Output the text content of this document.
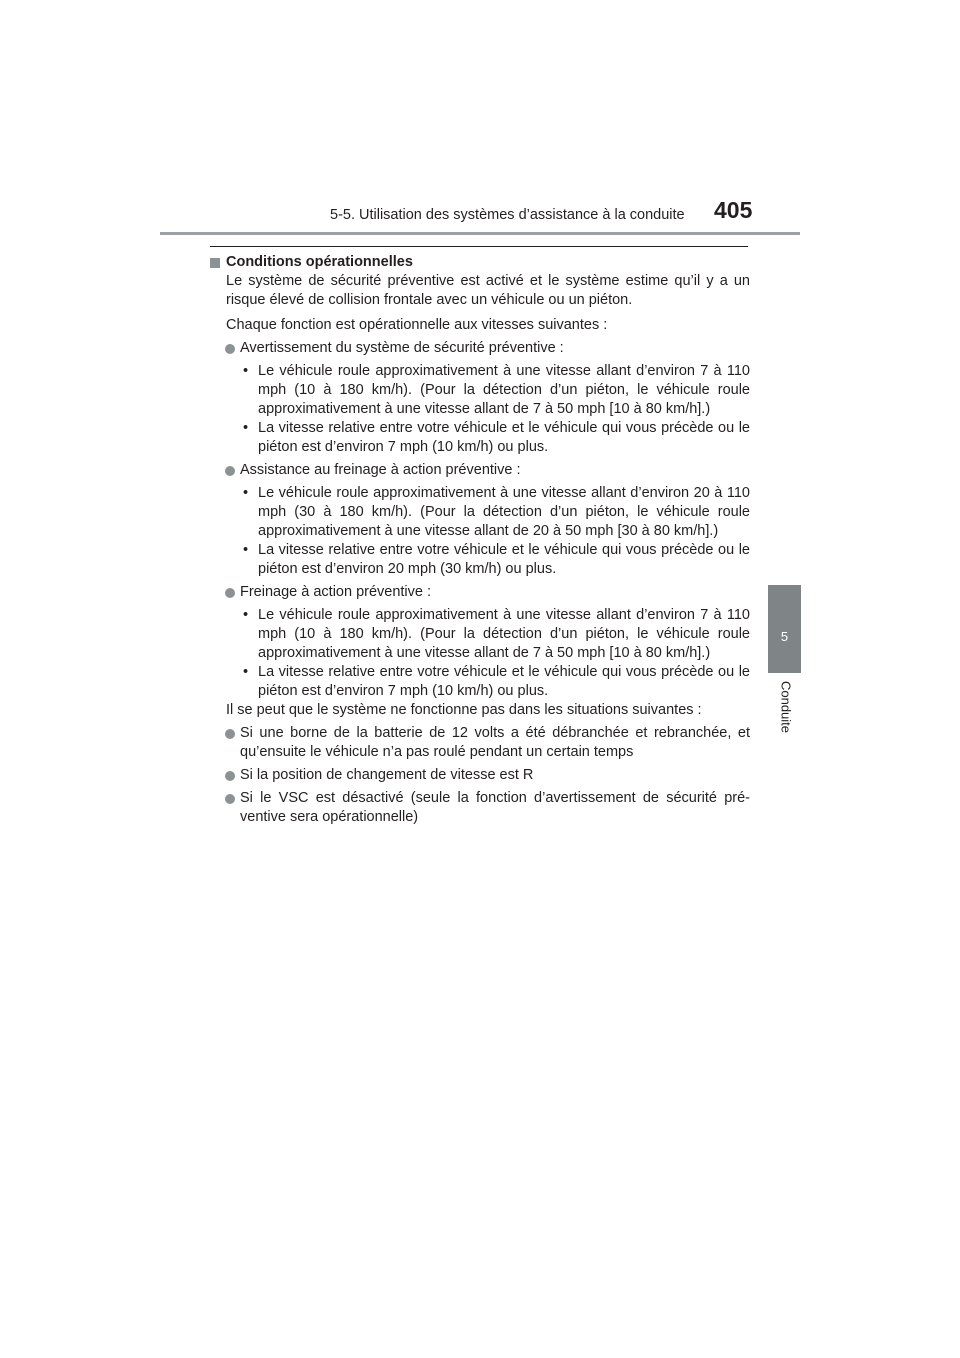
5-5. Utilisation des systèmes d’assistance à la conduite 405
5
Conduite

Conditions opérationnelles

Le système de sécurité préventive est activé et le système estime qu’il y a un risque élevé de collision frontale avec un véhicule ou un piéton.

Chaque fonction est opérationnelle aux vitesses suivantes :

Avertissement du système de sécurité préventive :

• Le véhicule roule approximativement à une vitesse allant d’environ 7 à 110 mph (10 à 180 km/h). (Pour la détection d’un piéton, le véhicule roule approximativement à une vitesse allant de 7 à 50 mph [10 à 80 km/h].)

• La vitesse relative entre votre véhicule et le véhicule qui vous précède ou le piéton est d’environ 7 mph (10 km/h) ou plus.

Assistance au freinage à action préventive :

• Le véhicule roule approximativement à une vitesse allant d’environ 20 à 110 mph (30 à 180 km/h). (Pour la détection d’un piéton, le véhicule roule approximativement à une vitesse allant de 20 à 50 mph [30 à 80 km/h].)

• La vitesse relative entre votre véhicule et le véhicule qui vous précède ou le piéton est d’environ 20 mph (30 km/h) ou plus.

Freinage à action préventive :

• Le véhicule roule approximativement à une vitesse allant d’environ 7 à 110 mph (10 à 180 km/h). (Pour la détection d’un piéton, le véhicule roule approximativement à une vitesse allant de 7 à 50 mph [10 à 80 km/h].)

• La vitesse relative entre votre véhicule et le véhicule qui vous précède ou le piéton est d’environ 7 mph (10 km/h) ou plus.

Il se peut que le système ne fonctionne pas dans les situations suivantes :

Si une borne de la batterie de 12 volts a été débranchée et rebranchée, et qu’ensuite le véhicule n’a pas roulé pendant un certain temps

Si la position de changement de vitesse est R

Si le VSC est désactivé (seule la fonction d’avertissement de sécurité pré-ventive sera opérationnelle)
